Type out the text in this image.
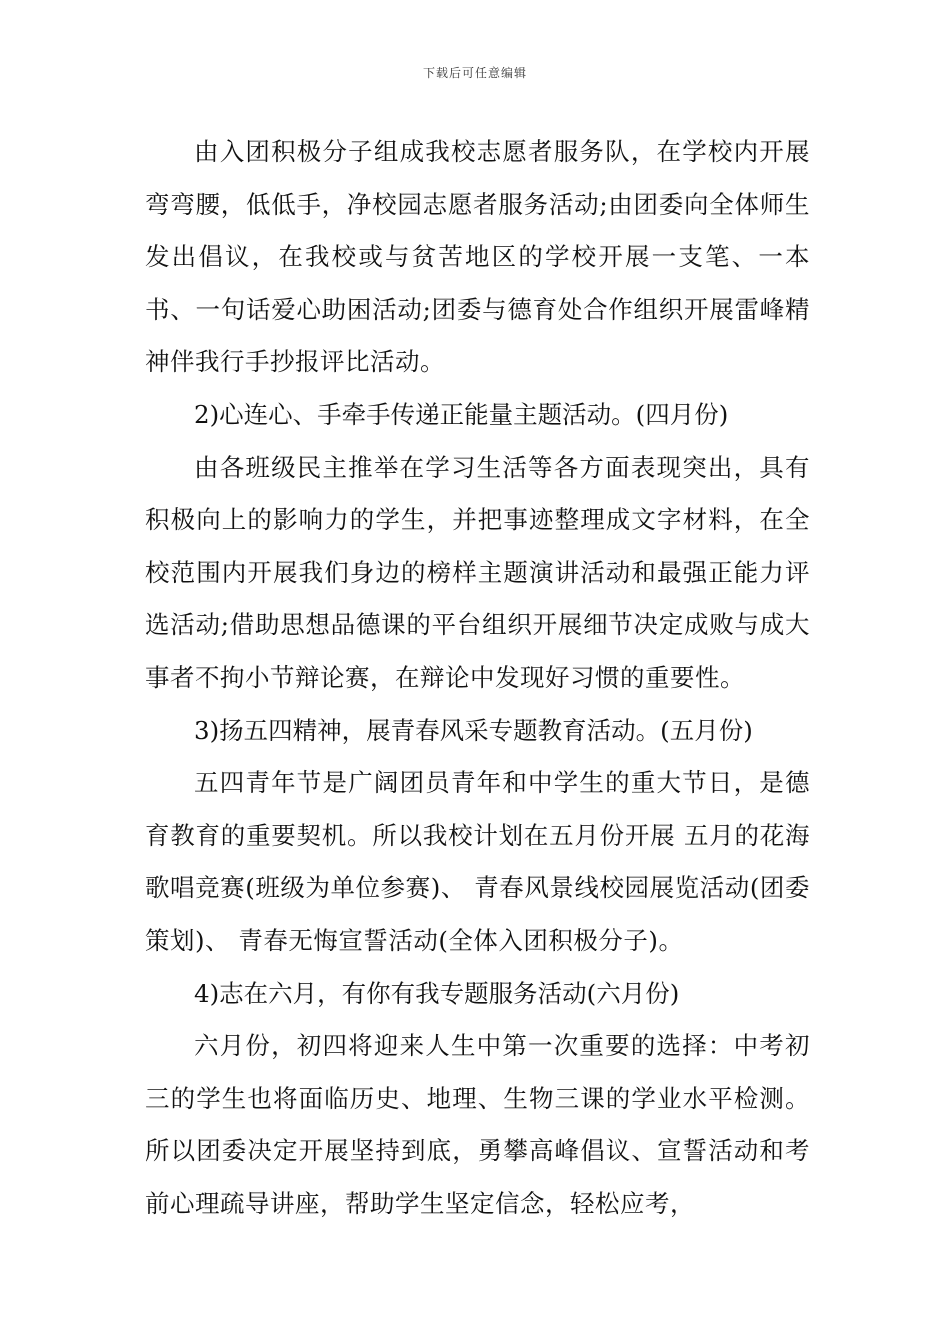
下载后可任意编辑

由入团积极分子组成我校志愿者服务队，在学校内开展弯弯腰，低低手，净校园志愿者服务活动;由团委向全体师生发出倡议，在我校或与贫苦地区的学校开展一支笔、一本书、一句话爱心助困活动;团委与德育处合作组织开展雷峰精神伴我行手抄报评比活动。

2)心连心、手牵手传递正能量主题活动。(四月份)

由各班级民主推举在学习生活等各方面表现突出，具有积极向上的影响力的学生，并把事迹整理成文字材料，在全校范围内开展我们身边的榜样主题演讲活动和最强正能力评选活动;借助思想品德课的平台组织开展细节决定成败与成大事者不拘小节辩论赛，在辩论中发现好习惯的重要性。

3)扬五四精神，展青春风采专题教育活动。(五月份)

五四青年节是广阔团员青年和中学生的重大节日，是德育教育的重要契机。所以我校计划在五月份开展 五月的花海歌唱竞赛(班级为单位参赛)、 青春风景线校园展览活动(团委策划)、 青春无悔宣誓活动(全体入团积极分子)。

4)志在六月，有你有我专题服务活动(六月份)

六月份，初四将迎来人生中第一次重要的选择：中考初三的学生也将面临历史、地理、生物三课的学业水平检测。所以团委决定开展坚持到底，勇攀高峰倡议、宣誓活动和考前心理疏导讲座，帮助学生坚定信念，轻松应考，
